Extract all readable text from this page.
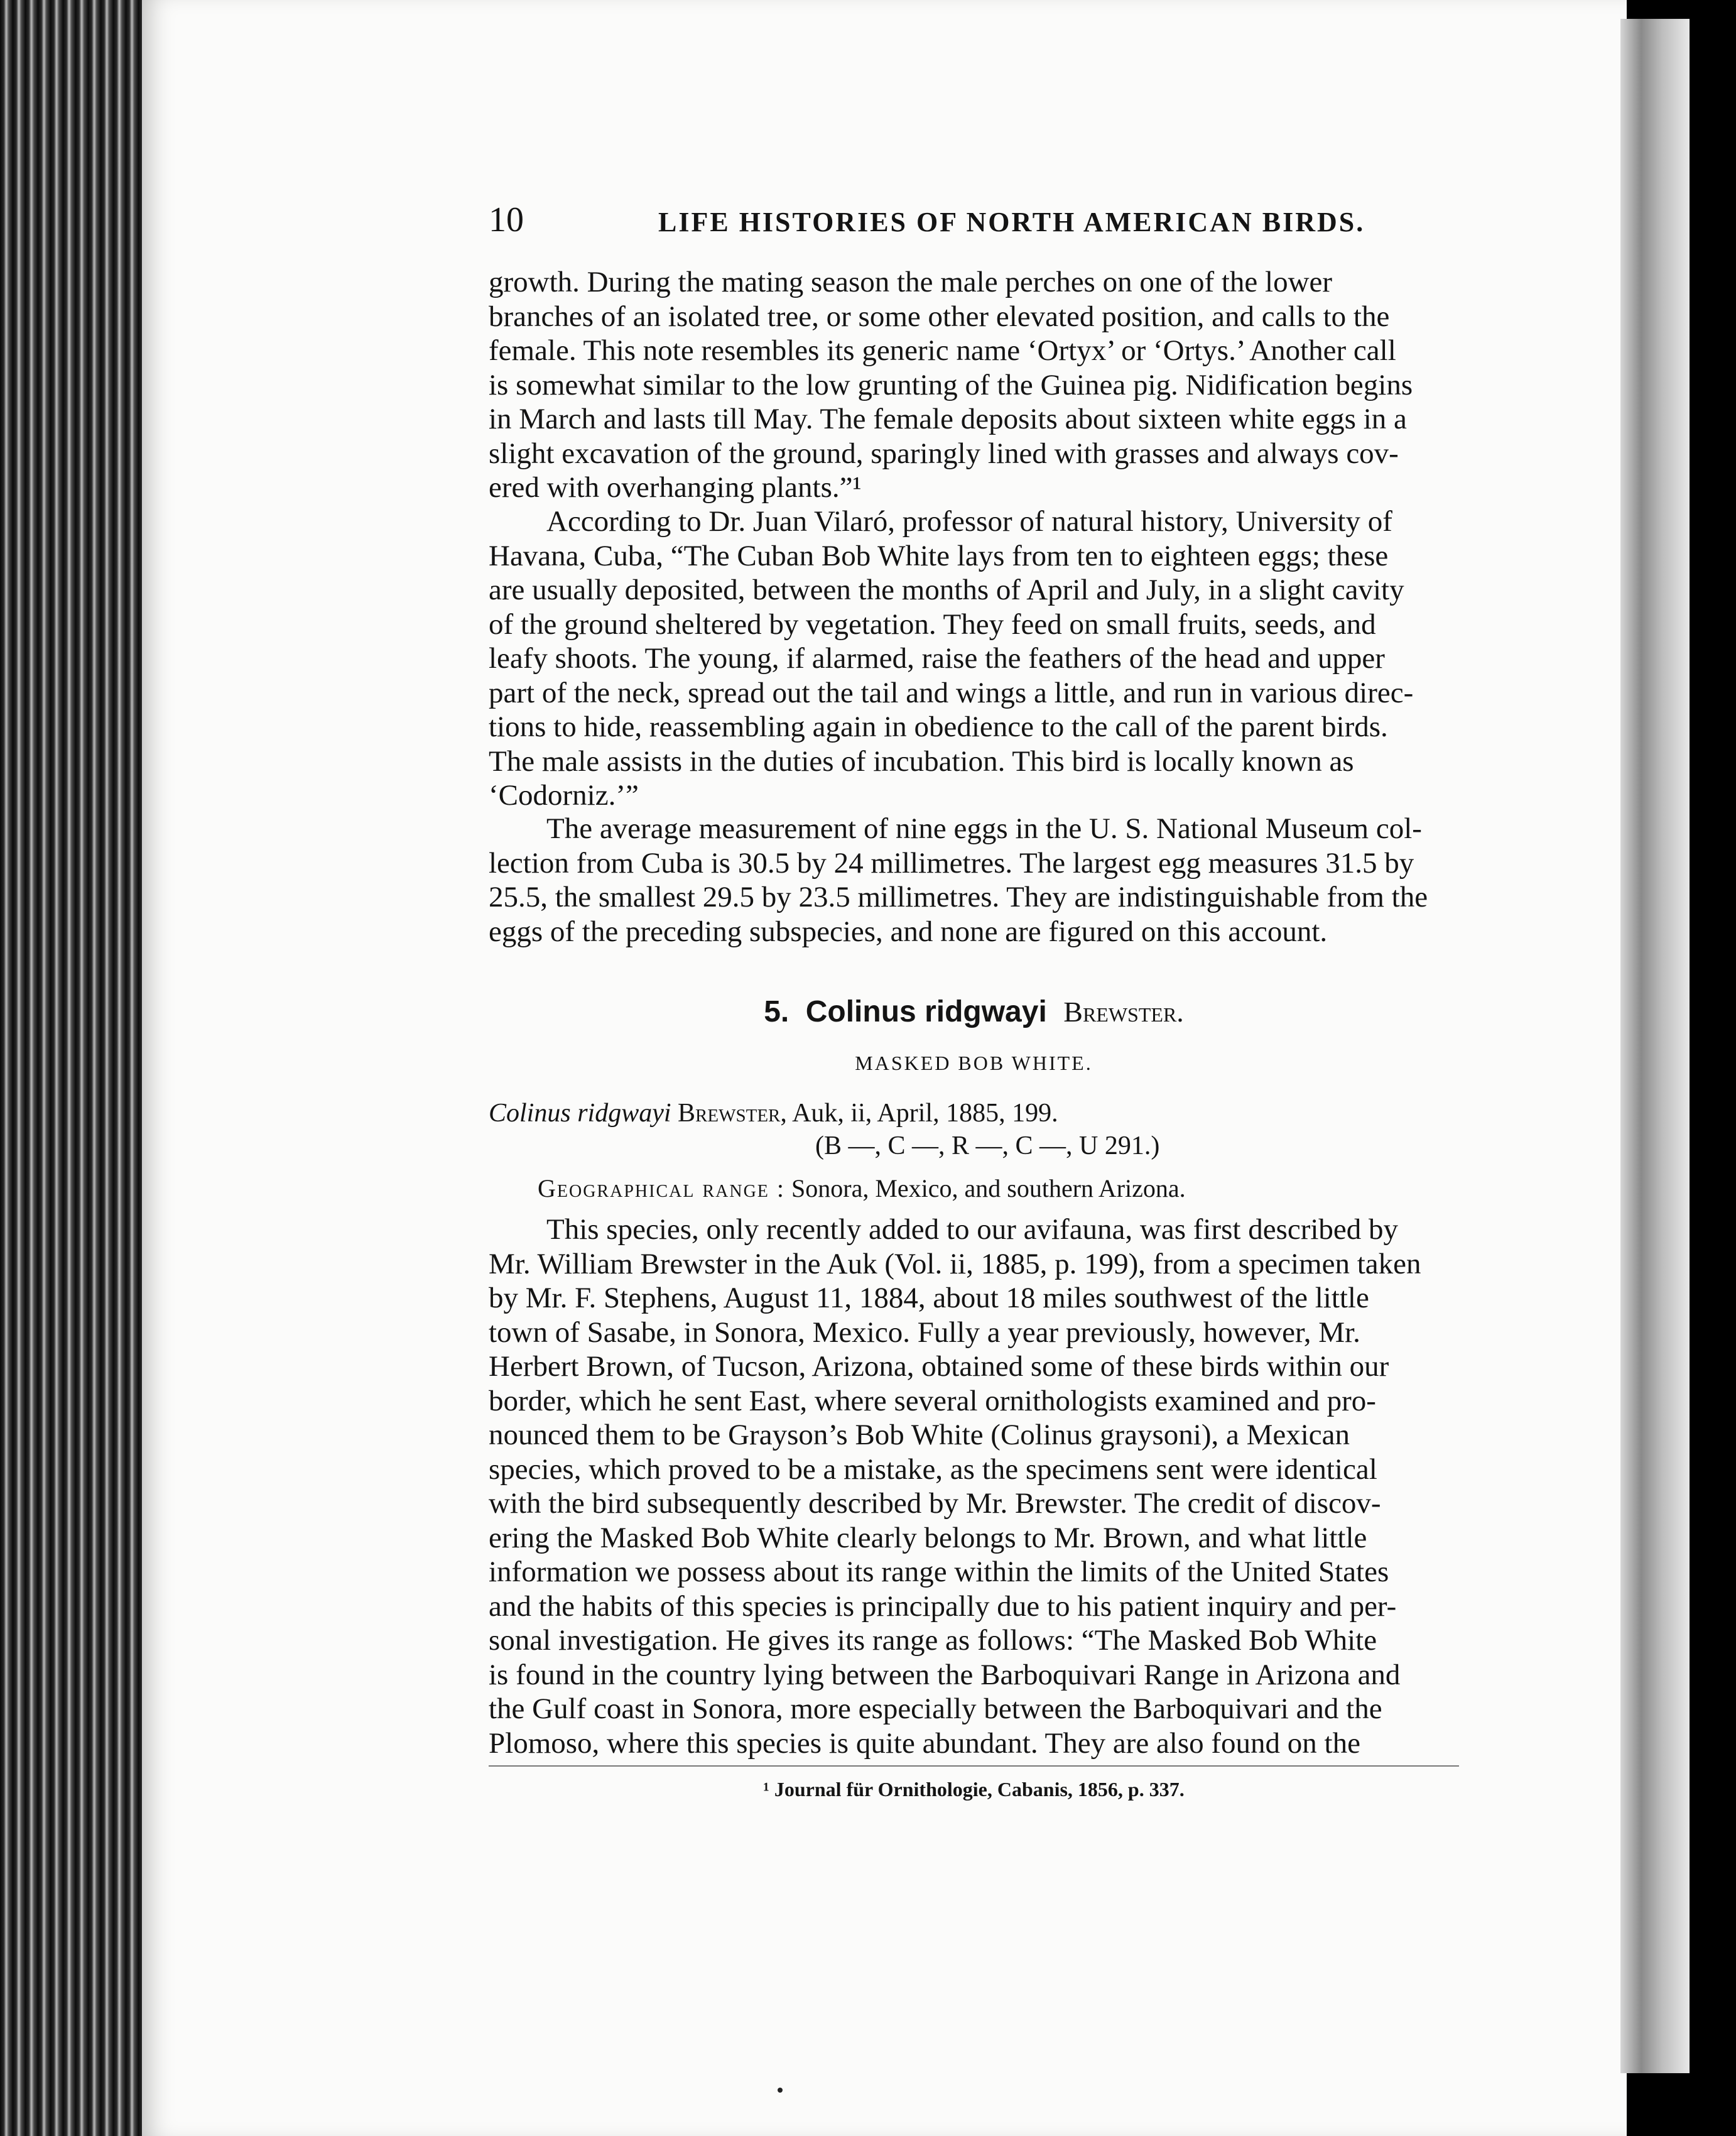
10	LIFE HISTORIES OF NORTH AMERICAN BIRDS.
growth. During the mating season the male perches on one of the lower
branches of an isolated tree, or some other elevated position, and calls to the
female. This note resembles its generic name ‘Ortyx’ or ‘Ortys.’ Another call
is somewhat similar to the low grunting of the Guinea pig. Nidification begins
in March and lasts till May. The female deposits about sixteen white eggs in a
slight excavation of the ground, sparingly lined with grasses and always cov-
ered with overhanging plants.”¹
According to Dr. Juan Vilaró, professor of natural history, University of
Havana, Cuba, “The Cuban Bob White lays from ten to eighteen eggs; these
are usually deposited, between the months of April and July, in a slight cavity
of the ground sheltered by vegetation. They feed on small fruits, seeds, and
leafy shoots. The young, if alarmed, raise the feathers of the head and upper
part of the neck, spread out the tail and wings a little, and run in various direc-
tions to hide, reassembling again in obedience to the call of the parent birds.
The male assists in the duties of incubation. This bird is locally known as
‘Codorniz.’”
The average measurement of nine eggs in the U. S. National Museum col-
lection from Cuba is 30.5 by 24 millimetres. The largest egg measures 31.5 by
25.5, the smallest 29.5 by 23.5 millimetres. They are indistinguishable from the
eggs of the preceding subspecies, and none are figured on this account.
5. Colinus ridgwayi Brewster.
MASKED BOB WHITE.
Colinus ridgwayi Brewster, Auk, ii, April, 1885, 199.
(B —, C —, R —, C —, U 291.)
Geographical range : Sonora, Mexico, and southern Arizona.
This species, only recently added to our avifauna, was first described by
Mr. William Brewster in the Auk (Vol. ii, 1885, p. 199), from a specimen taken
by Mr. F. Stephens, August 11, 1884, about 18 miles southwest of the little
town of Sasabe, in Sonora, Mexico. Fully a year previously, however, Mr.
Herbert Brown, of Tucson, Arizona, obtained some of these birds within our
border, which he sent East, where several ornithologists examined and pro-
nounced them to be Grayson’s Bob White (Colinus graysoni), a Mexican
species, which proved to be a mistake, as the specimens sent were identical
with the bird subsequently described by Mr. Brewster. The credit of discov-
ering the Masked Bob White clearly belongs to Mr. Brown, and what little
information we possess about its range within the limits of the United States
and the habits of this species is principally due to his patient inquiry and per-
sonal investigation. He gives its range as follows: “The Masked Bob White
is found in the country lying between the Barboquivari Range in Arizona and
the Gulf coast in Sonora, more especially between the Barboquivari and the
Plomoso, where this species is quite abundant. They are also found on the
¹ Journal für Ornithologie, Cabanis, 1856, p. 337.
